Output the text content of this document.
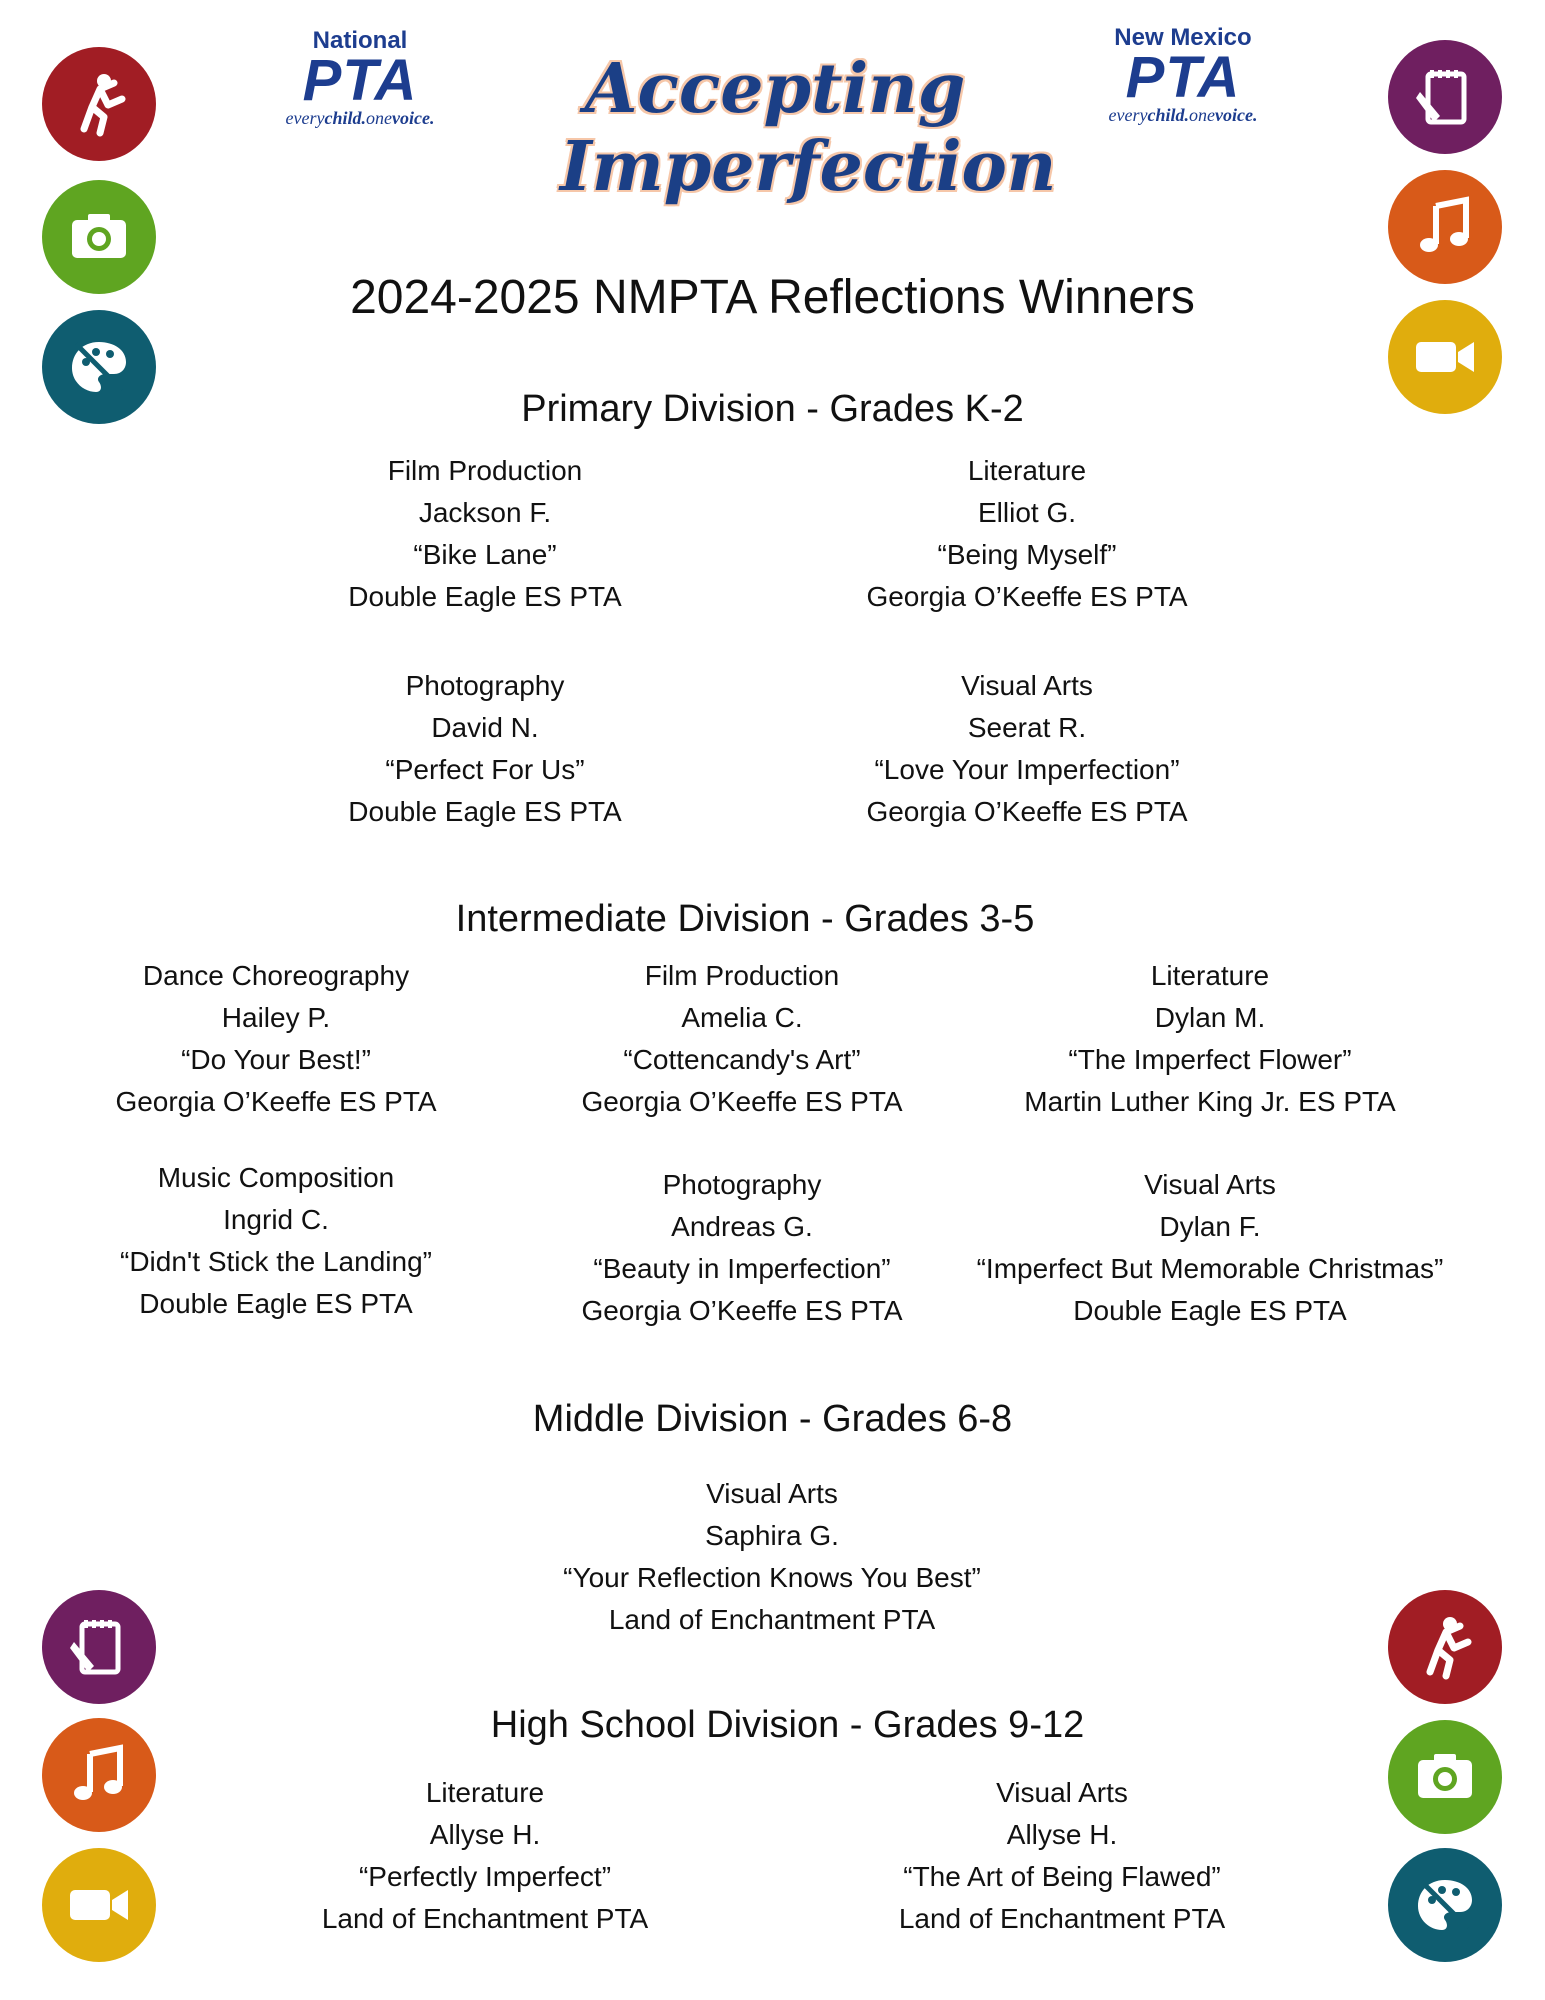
National
PTA
everychild.onevoice.
New Mexico
PTA
everychild.onevoice.
Accepting
Imperfection
2024-2025 NMPTA Reflections Winners
Primary Division - Grades K-2
Film Production
Jackson F.
“Bike Lane”
Double Eagle ES PTA
Literature
Elliot G.
“Being Myself”
Georgia O’Keeffe ES PTA
Photography
David N.
“Perfect For Us”
Double Eagle ES PTA
Visual Arts
Seerat R.
“Love Your Imperfection”
Georgia O’Keeffe ES PTA
Intermediate Division - Grades 3-5
Dance Choreography
Hailey P.
“Do Your Best!”
Georgia O’Keeffe ES PTA
Film Production
Amelia C.
“Cottencandy's Art”
Georgia O’Keeffe ES PTA
Literature
Dylan M.
“The Imperfect Flower”
Martin Luther King Jr. ES PTA
Music Composition
Ingrid C.
“Didn't Stick the Landing”
Double Eagle ES PTA
Photography
Andreas G.
“Beauty in Imperfection”
Georgia O’Keeffe ES PTA
Visual Arts
Dylan F.
“Imperfect But Memorable Christmas”
Double Eagle ES PTA
Middle Division - Grades 6-8
Visual Arts
Saphira G.
“Your Reflection Knows You Best”
Land of Enchantment PTA
High School Division - Grades 9-12
Literature
Allyse H.
“Perfectly Imperfect”
Land of Enchantment PTA
Visual Arts
Allyse H.
“The Art of Being Flawed”
Land of Enchantment PTA
